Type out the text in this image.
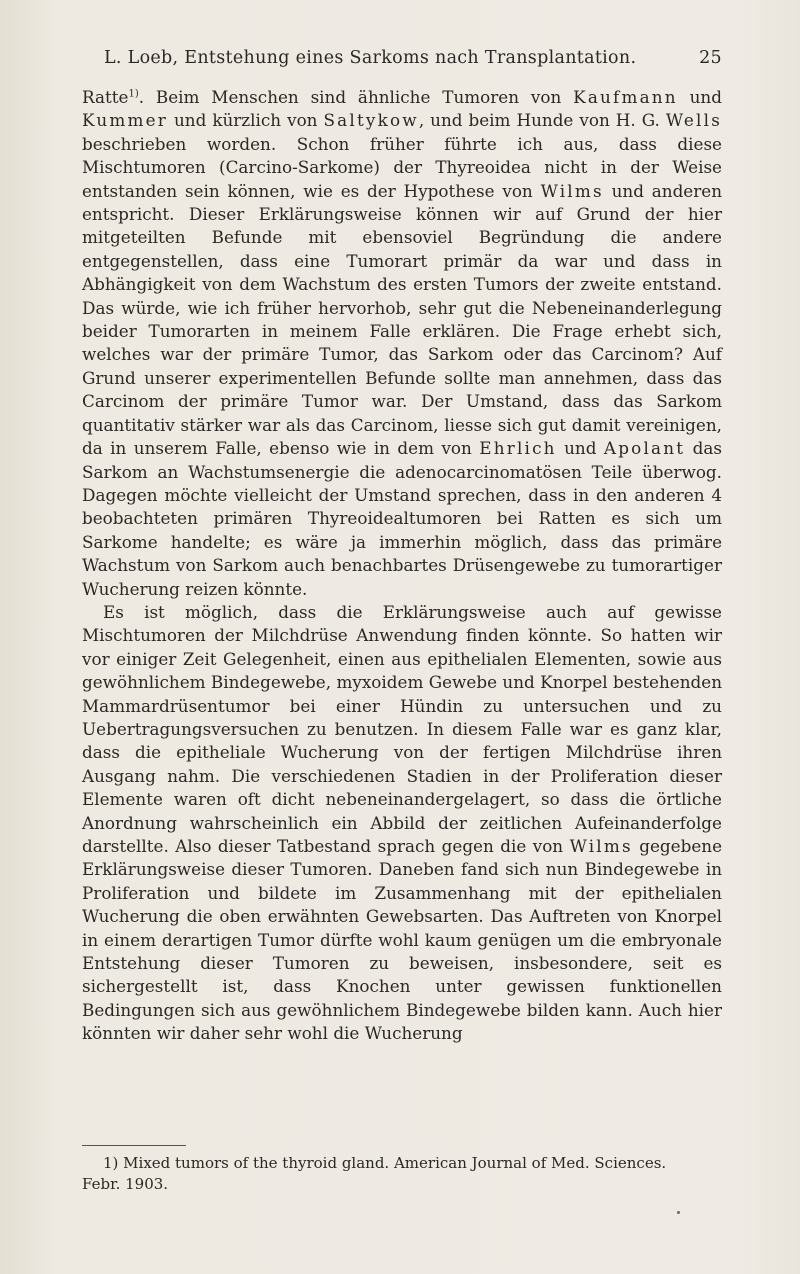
L. Loeb, Entstehung eines Sarkoms nach Transplantation.	25

Ratte$^{1)}$. Beim Menschen sind ähnliche Tumoren von Kaufmann und Kummer und kürzlich von Saltykow, und beim Hunde von H. G. Wells beschrieben worden. Schon früher führte ich aus, dass diese Mischtumoren (Carcino-Sarkome) der Thyreoidea nicht in der Weise entstanden sein können, wie es der Hypothese von Wilms und anderen entspricht. Dieser Erklärungsweise können wir auf Grund der hier mitgeteilten Befunde mit ebensoviel Begründung die andere entgegenstellen, dass eine Tumorart primär da war und dass in Abhängigkeit von dem Wachstum des ersten Tumors der zweite entstand. Das würde, wie ich früher hervorhob, sehr gut die Nebeneinanderlegung beider Tumorarten in meinem Falle erklären. Die Frage erhebt sich, welches war der primäre Tumor, das Sarkom oder das Carcinom? Auf Grund unserer experimentellen Befunde sollte man annehmen, dass das Carcinom der primäre Tumor war. Der Umstand, dass das Sarkom quantitativ stärker war als das Carcinom, liesse sich gut damit vereinigen, da in unserem Falle, ebenso wie in dem von Ehrlich und Apolant das Sarkom an Wachstumsenergie die adenocarcinomatösen Teile überwog. Dagegen möchte vielleicht der Umstand sprechen, dass in den anderen 4 beobachteten primären Thyreoidealtumoren bei Ratten es sich um Sarkome handelte; es wäre ja immerhin möglich, dass das primäre Wachstum von Sarkom auch benachbartes Drüsengewebe zu tumorartiger Wucherung reizen könnte.

Es ist möglich, dass die Erklärungsweise auch auf gewisse Mischtumoren der Milchdrüse Anwendung finden könnte. So hatten wir vor einiger Zeit Gelegenheit, einen aus epithelialen Elementen, sowie aus gewöhnlichem Bindegewebe, myxoidem Gewebe und Knorpel bestehenden Mammardrüsentumor bei einer Hündin zu untersuchen und zu Uebertragungsversuchen zu benutzen. In diesem Falle war es ganz klar, dass die epitheliale Wucherung von der fertigen Milchdrüse ihren Ausgang nahm. Die verschiedenen Stadien in der Proliferation dieser Elemente waren oft dicht nebeneinandergelagert, so dass die örtliche Anordnung wahrscheinlich ein Abbild der zeitlichen Aufeinanderfolge darstellte. Also dieser Tatbestand sprach gegen die von Wilms gegebene Erklärungsweise dieser Tumoren. Daneben fand sich nun Bindegewebe in Proliferation und bildete im Zusammenhang mit der epithelialen Wucherung die oben erwähnten Gewebsarten. Das Auftreten von Knorpel in einem derartigen Tumor dürfte wohl kaum genügen um die embryonale Entstehung dieser Tumoren zu beweisen, insbesondere, seit es sichergestellt ist, dass Knochen unter gewissen funktionellen Bedingungen sich aus gewöhnlichem Bindegewebe bilden kann. Auch hier könnten wir daher sehr wohl die Wucherung

1) Mixed tumors of the thyroid gland. American Journal of Med. Sciences.
Febr. 1903.
